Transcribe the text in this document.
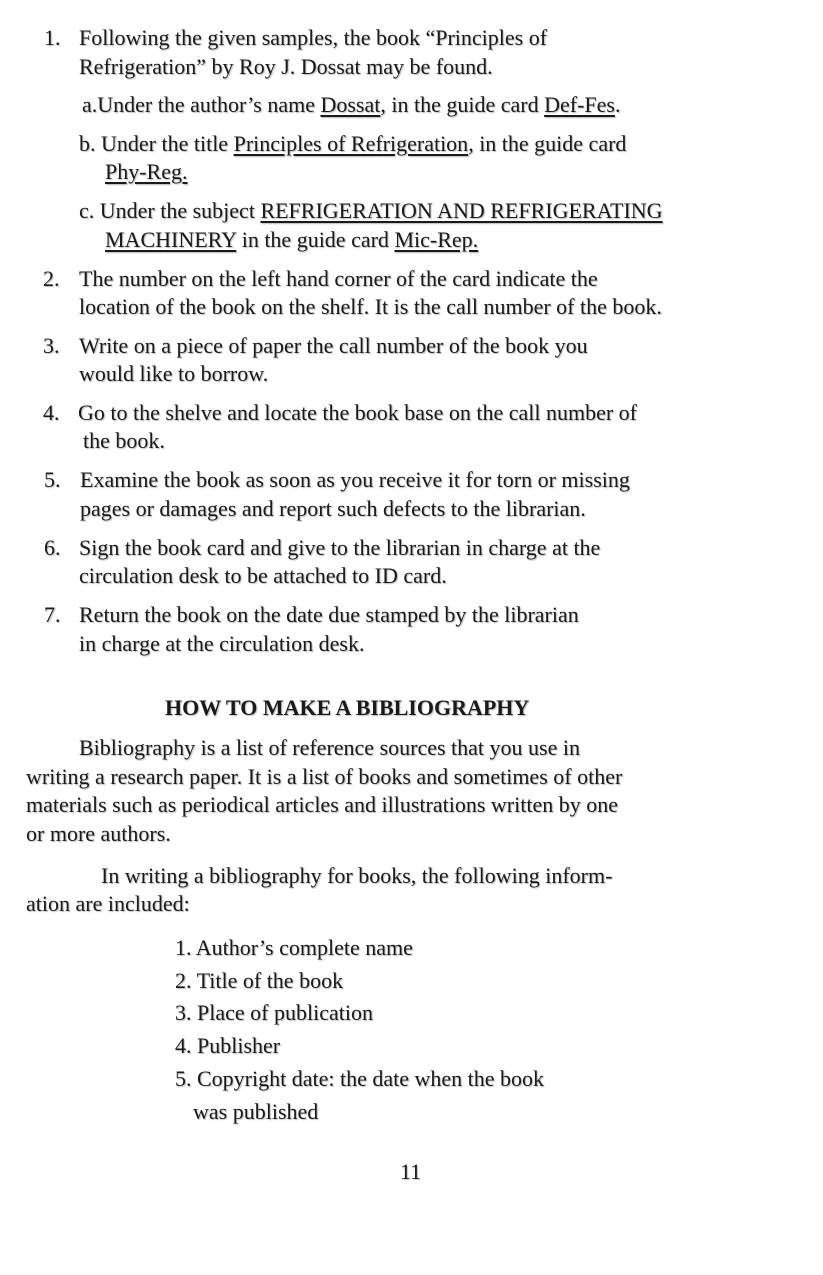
1. Following the given samples, the book “Principles of
Refrigeration” by Roy J. Dossat may be found.
a.Under the author’s name Dossat, in the guide card Def-Fes.
b. Under the title Principles of Refrigeration, in the guide card
Phy-Reg.
c. Under the subject REFRIGERATION AND REFRIGERATING
MACHINERY in the guide card Mic-Rep.
2. The number on the left hand corner of the card indicate the
location of the book on the shelf. It is the call number of the book.
3. Write on a piece of paper the call number of the book you
would like to borrow.
4. Go to the shelve and locate the book base on the call number of
the book.
5. Examine the book as soon as you receive it for torn or missing
pages or damages and report such defects to the librarian.
6. Sign the book card and give to the librarian in charge at the
circulation desk to be attached to ID card.
7. Return the book on the date due stamped by the librarian
in charge at the circulation desk.
HOW TO MAKE A BIBLIOGRAPHY
Bibliography is a list of reference sources that you use in
writing a research paper. It is a list of books and sometimes of other
materials such as periodical articles and illustrations written by one
or more authors.
In writing a bibliography for books, the following inform-
ation are included:
1. Author’s complete name
2. Title of the book
3. Place of publication
4. Publisher
5. Copyright date: the date when the book
was published
11
